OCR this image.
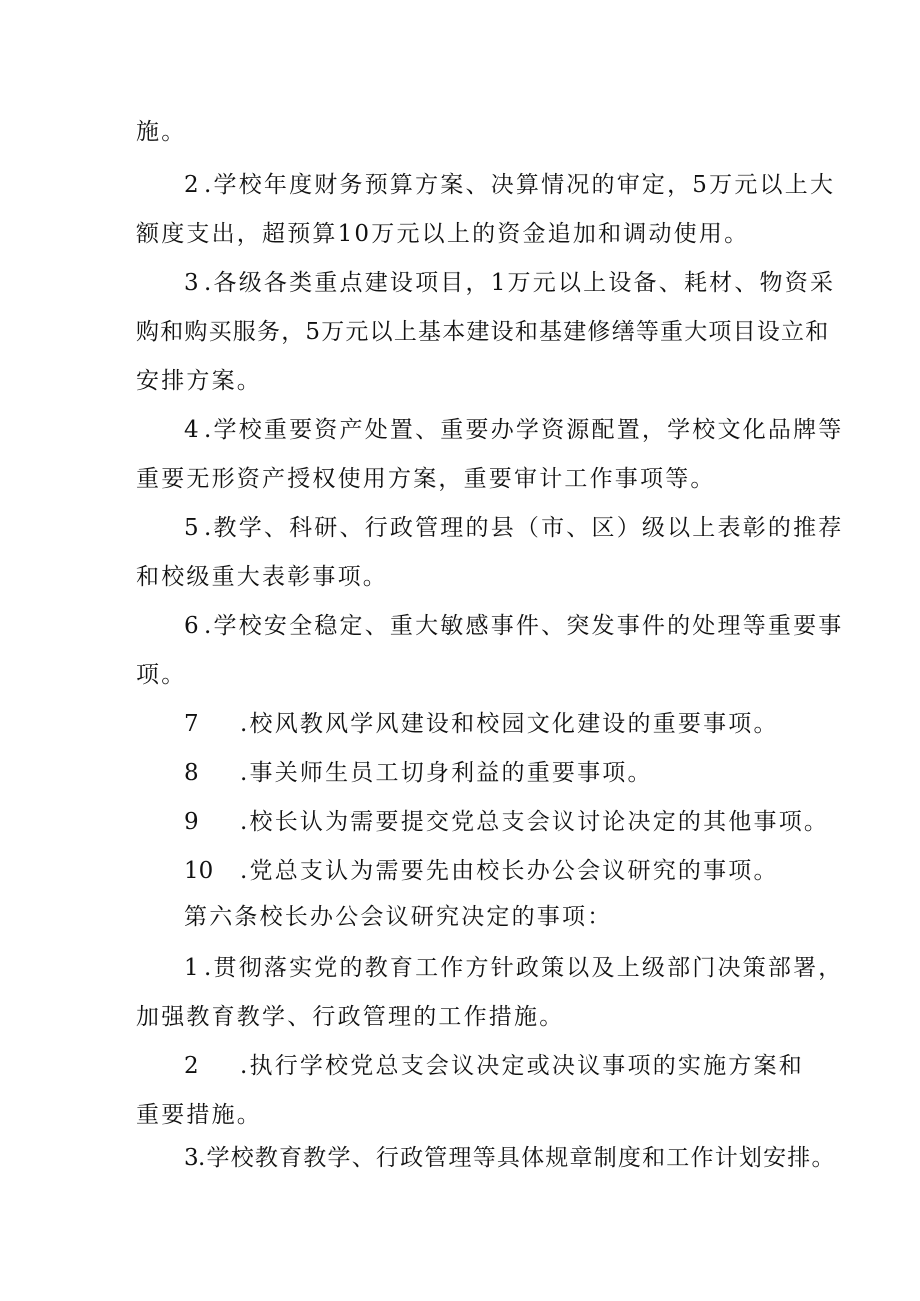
施。

2 .学校年度财务预算方案、决算情况的审定，5万元以上大

额度支出，超预算10万元以上的资金追加和调动使用。

3 .各级各类重点建设项目，1万元以上设备、耗材、物资采

购和购买服务，5万元以上基本建设和基建修缮等重大项目设立和

安排方案。

4 .学校重要资产处置、重要办学资源配置，学校文化品牌等

重要无形资产授权使用方案，重要审计工作事项等。

5 .教学、科研、行政管理的县（市、区）级以上表彰的推荐

和校级重大表彰事项。

6 .学校安全稳定、重大敏感事件、突发事件的处理等重要事

项。

7 .校风教风学风建设和校园文化建设的重要事项。

8 .事关师生员工切身利益的重要事项。

9 .校长认为需要提交党总支会议讨论决定的其他事项。

10 .党总支认为需要先由校长办公会议研究的事项。

第六条校长办公会议研究决定的事项：

1 .贯彻落实党的教育工作方针政策以及上级部门决策部署，

加强教育教学、行政管理的工作措施。

2 .执行学校党总支会议决定或决议事项的实施方案和

重要措施。

3 .学校教育教学、行政管理等具体规章制度和工作计划安排。
